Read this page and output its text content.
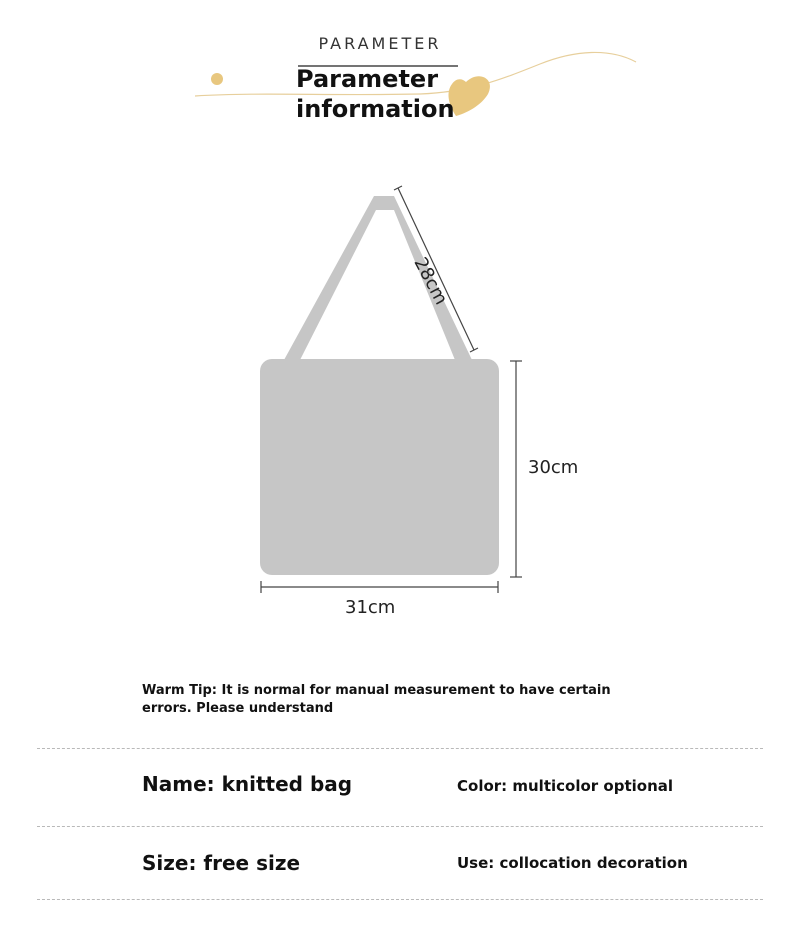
PARAMETER
Parameter
information
28cm
30cm
31cm
Warm Tip: It is normal for manual measurement to have certain
errors. Please understand
Name: knitted bag	Color: multicolor optional
Size: free size	Use: collocation decoration
